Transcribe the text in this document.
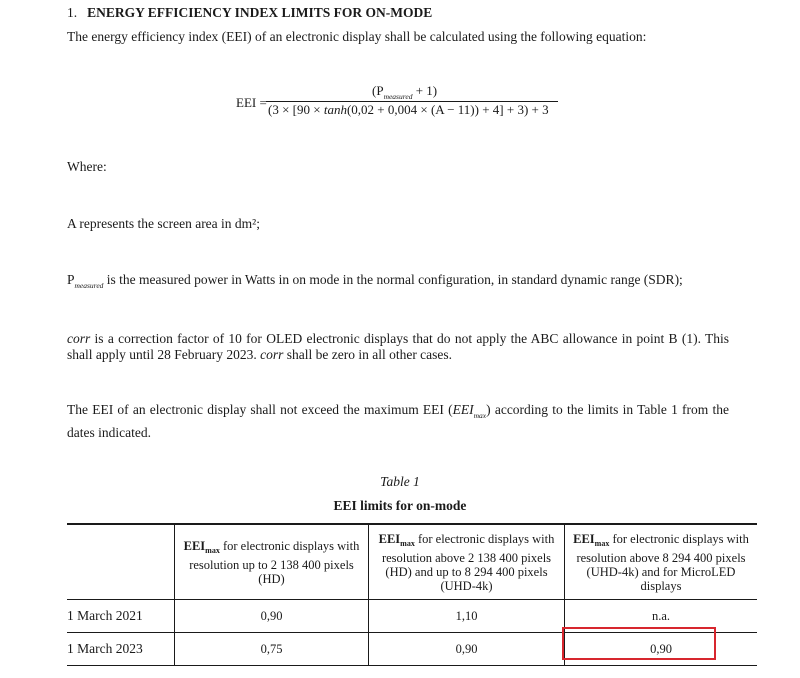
1. ENERGY EFFICIENCY INDEX LIMITS FOR ON-MODE
The energy efficiency index (EEI) of an electronic display shall be calculated using the following equation:
EEI =
$(P_{measured} + 1)$
(3 × [90 × tanh(0,02 + 0,004 × (A − 11)) + 4] + 3) + 3
Where:
A represents the screen area in dm²;
$P_{measured}$ is the measured power in Watts in on mode in the normal configuration, in standard dynamic range (SDR);
corr is a correction factor of 10 for OLED electronic displays that do not apply the ABC allowance in point B (1). This shall apply until 28 February 2023. corr shall be zero in all other cases.
The EEI of an electronic display shall not exceed the maximum EEI $(EEI_{max})$ according to the limits in Table 1 from the dates indicated.
Table 1
EEI limits for on-mode
	$EEI_{max}$ for electronic displays with resolution up to 2 138 400 pixels (HD)	$EEI_{max}$ for electronic displays with resolution above 2 138 400 pixels (HD) and up to 8 294 400 pixels (UHD-4k)	$EEI_{max}$ for electronic displays with resolution above 8 294 400 pixels (UHD-4k) and for MicroLED displays
1 March 2021	0,90	1,10	n.a.
1 March 2023	0,75	0,90	0,90
